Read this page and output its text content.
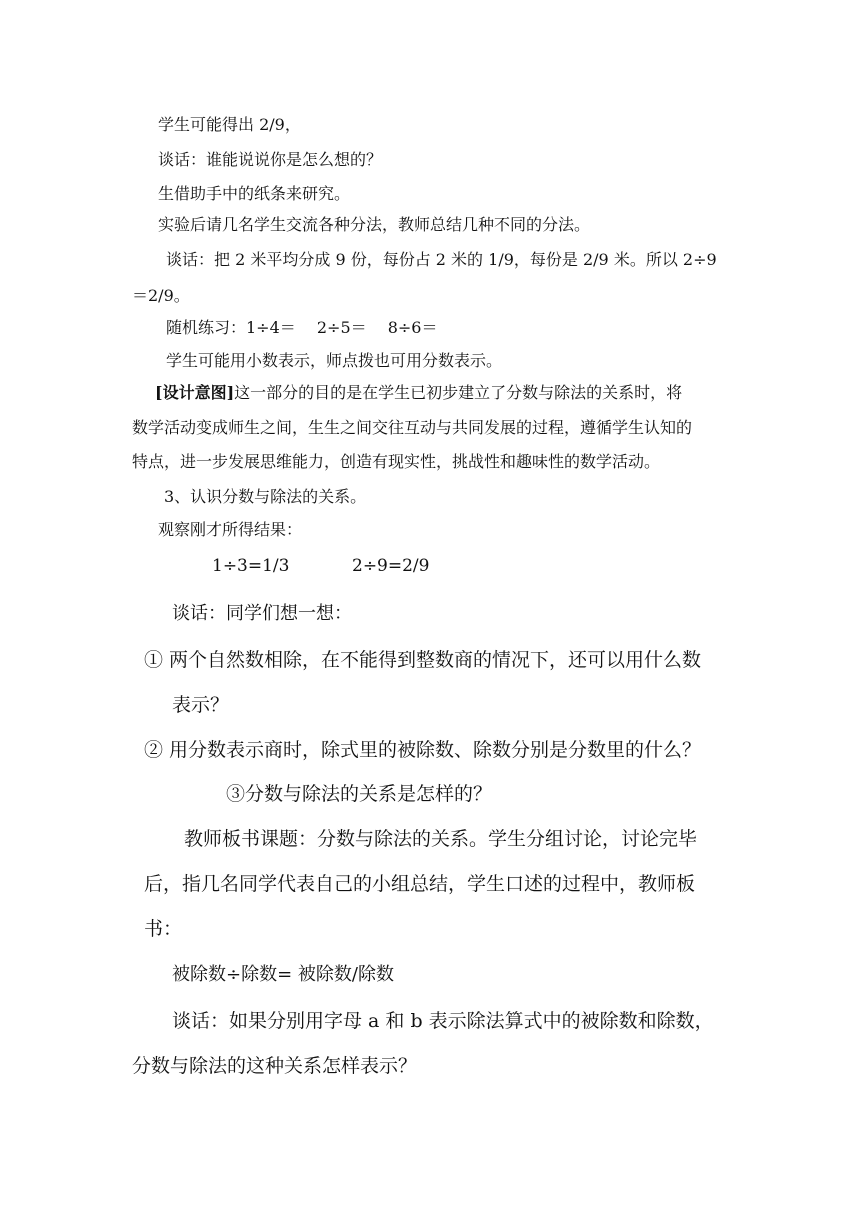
学生可能得出 2/9，
谈话：谁能说说你是怎么想的？
生借助手中的纸条来研究。
实验后请几名学生交流各种分法，教师总结几种不同的分法。
谈话：把 2 米平均分成 9 份，每份占 2 米的 1/9，每份是 2/9 米。所以 2÷9
＝2/9。
随机练习：1÷4＝　 2÷5＝　 8÷6＝
学生可能用小数表示，师点拨也可用分数表示。
[设计意图]这一部分的目的是在学生已初步建立了分数与除法的关系时，将
数学活动变成师生之间，生生之间交往互动与共同发展的过程，遵循学生认知的
特点，进一步发展思维能力，创造有现实性，挑战性和趣味性的数学活动。
3、认识分数与除法的关系。
观察刚才所得结果：
1÷3=1/3	2÷9=2/9
谈话：同学们想一想：
① 两个自然数相除，在不能得到整数商的情况下，还可以用什么数
表示？
② 用分数表示商时，除式里的被除数、除数分别是分数里的什么？
③分数与除法的关系是怎样的？
教师板书课题：分数与除法的关系。学生分组讨论，讨论完毕
后，指几名同学代表自己的小组总结，学生口述的过程中，教师板
书：
被除数÷除数= 被除数/除数
谈话：如果分别用字母 a 和 b 表示除法算式中的被除数和除数，
分数与除法的这种关系怎样表示？
